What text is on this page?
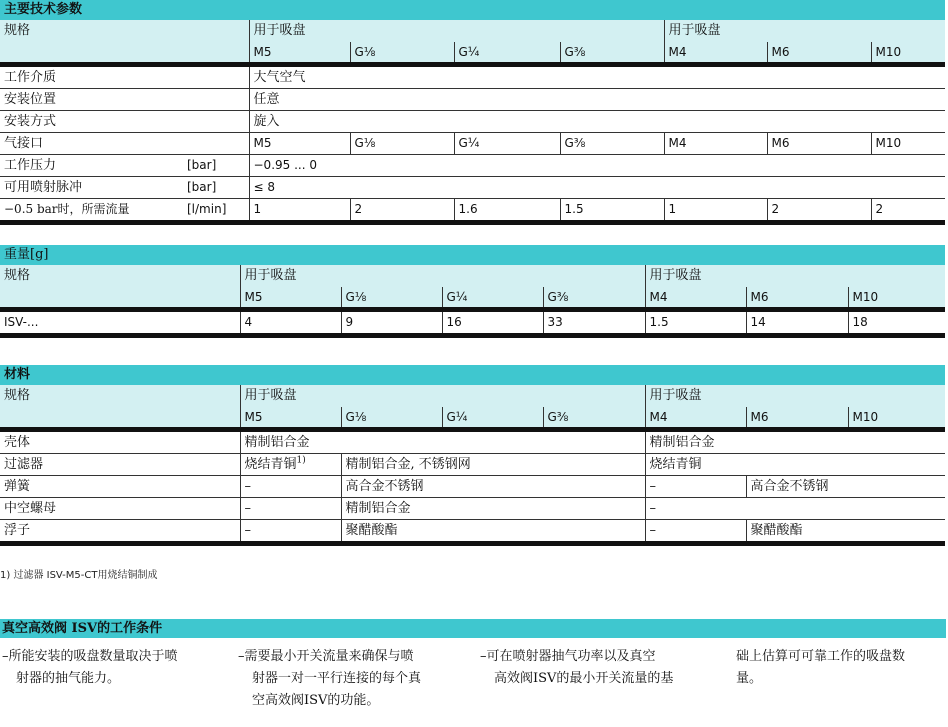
主要技术参数								
规格		用于吸盘				用于吸盘		
		M5	G⅛	G¼	G⅜	M4	M6	M10
工作介质		大气空气						
安装位置		任意						
安装方式		旋入						
气接口		M5	G⅛	G¼	G⅜	M4	M6	M10
工作压力	[bar]	−0.95 ... 0						
可用喷射脉冲	[bar]	≤ 8						
−0.5 bar时，所需流量	[l/min]	1	2	1.6	1.5	1	2	2

重量[g]							
规格	用于吸盘				用于吸盘		
	M5	G⅛	G¼	G⅜	M4	M6	M10
ISV-...	4	9	16	33	1.5	14	18

材料							
规格	用于吸盘				用于吸盘		
	M5	G⅛	G¼	G⅜	M4	M6	M10
壳体	精制铝合金				精制铝合金		
过滤器	烧结青铜$^{1)}$	精制铝合金, 不锈钢网			烧结青铜		
弹簧	–	高合金不锈钢			–	高合金不锈钢	
中空螺母	–	精制铝合金			–		
浮子	–	聚醋酸酯			–	聚醋酸酯	

1) 过滤器 ISV-M5-CT用烧结铜制成
真空高效阀 ISV的工作条件
–所能安装的吸盘数量取决于喷
射器的抽气能力。
–需要最小开关流量来确保与喷
射器一对一平行连接的每个真
空高效阀ISV的功能。
–可在喷射器抽气功率以及真空
高效阀ISV的最小开关流量的基
础上估算可可靠工作的吸盘数
量。
